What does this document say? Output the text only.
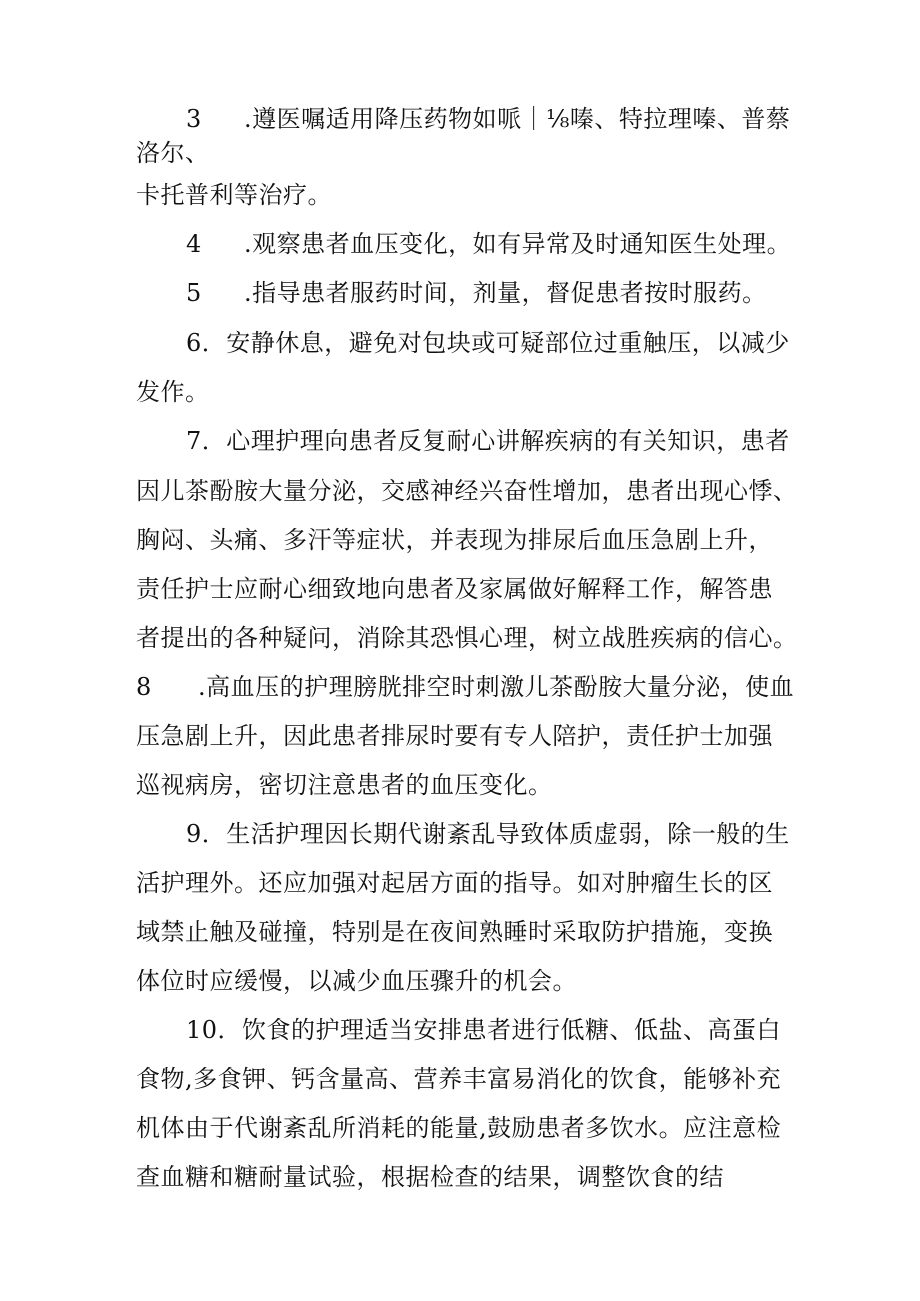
3 .遵医嘱适用降压药物如哌｜⅛嗪、特拉理嗪、普蔡
洛尔、
卡托普利等治疗。
4 .观察患者血压变化，如有异常及时通知医生处理。
5 .指导患者服药时间，剂量，督促患者按时服药。
6．安静休息，避免对包块或可疑部位过重触压，以减少
发作。
7．心理护理向患者反复耐心讲解疾病的有关知识，患者
因儿茶酚胺大量分泌，交感神经兴奋性增加，患者出现心悸、
胸闷、头痛、多汗等症状，并表现为排尿后血压急剧上升，
责任护士应耐心细致地向患者及家属做好解释工作，解答患
者提出的各种疑问，消除其恐惧心理，树立战胜疾病的信心。
8 .高血压的护理膀胱排空时刺激儿茶酚胺大量分泌，使血
压急剧上升，因此患者排尿时要有专人陪护，责任护士加强
巡视病房，密切注意患者的血压变化。
9．生活护理因长期代谢紊乱导致体质虚弱，除一般的生
活护理外。还应加强对起居方面的指导。如对肿瘤生长的区
域禁止触及碰撞，特别是在夜间熟睡时采取防护措施，变换
体位时应缓慢，以减少血压骤升的机会。
10．饮食的护理适当安排患者进行低糖、低盐、高蛋白
食物,多食钾、钙含量高、营养丰富易消化的饮食，能够补充
机体由于代谢紊乱所消耗的能量,鼓励患者多饮水。应注意检
查血糖和糖耐量试验，根据检查的结果，调整饮食的结
